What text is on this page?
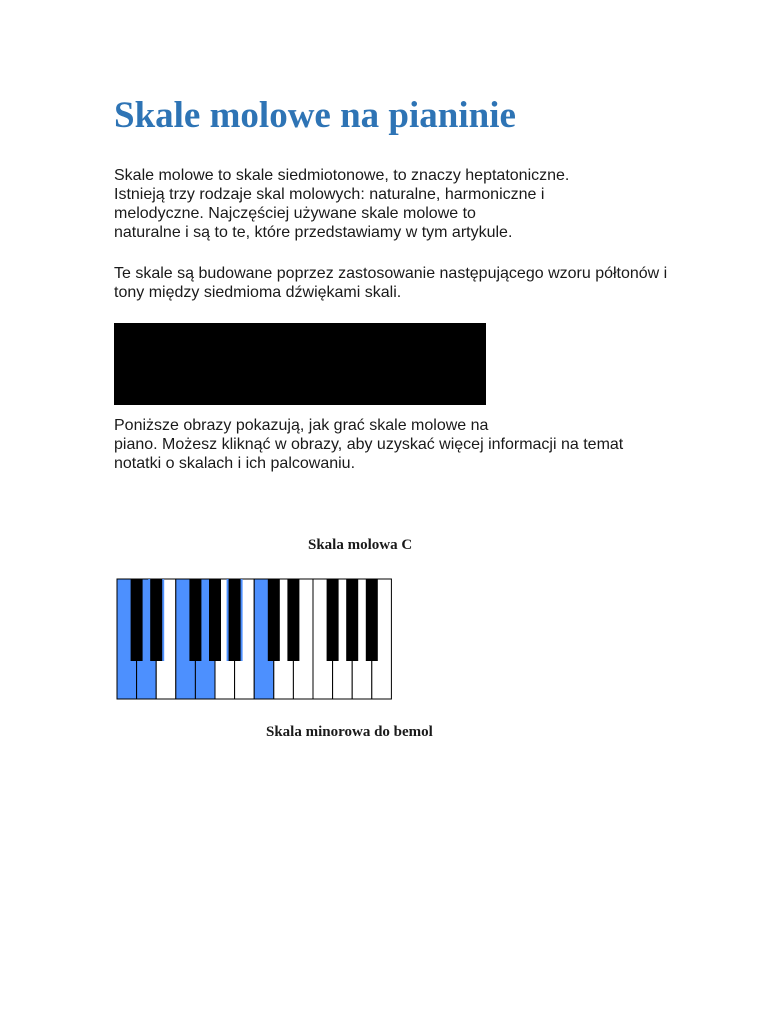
Skale molowe na pianinie

Skale molowe to skale siedmiotonowe, to znaczy heptatoniczne.
Istnieją trzy rodzaje skal molowych: naturalne, harmoniczne i
melodyczne. Najczęściej używane skale molowe to
naturalne i są to te, które przedstawiamy w tym artykule.

Te skale są budowane poprzez zastosowanie następującego wzoru półtonów i
tony między siedmioma dźwiękami skali.

Poniższe obrazy pokazują, jak grać skale molowe na
piano. Możesz kliknąć w obrazy, aby uzyskać więcej informacji na temat
notatki o skalach i ich palcowaniu.

Skala molowa C

Skala minorowa do bemol
